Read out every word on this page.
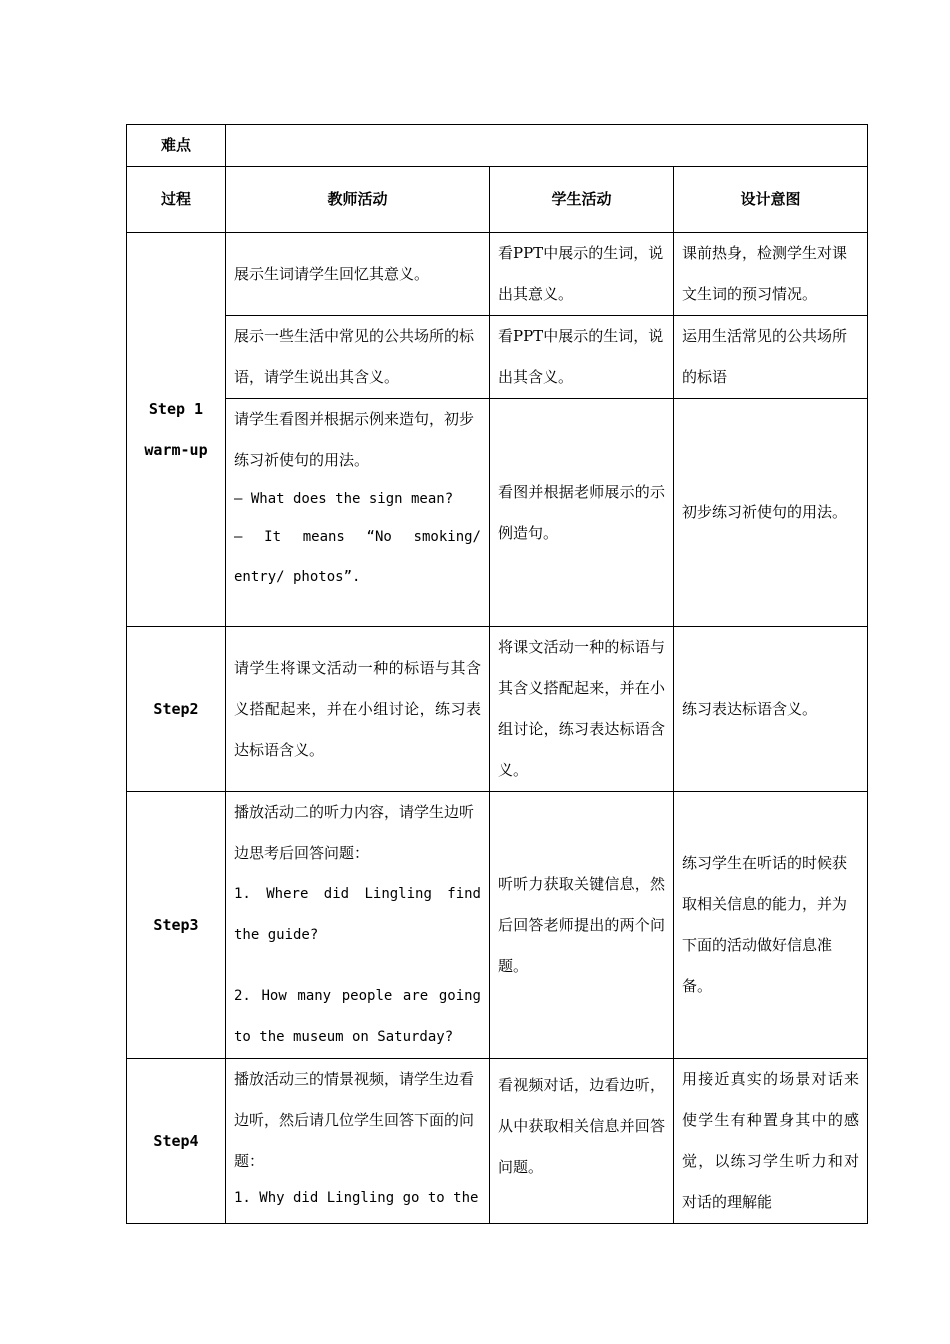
难点			
过程	教师活动	学生活动	设计意图

Step 1
warm-up	展示生词请学生回忆其意义。	看PPT中展示的生词，说出其意义。	课前热身，检测学生对课文生词的预习情况。
	展示一些生活中常见的公共场所的标语，请学生说出其含义。	看PPT中展示的生词，说出其含义。	运用生活常见的公共场所的标语

	请学生看图并根据示例来造句，初步练习祈使句的用法。
— What does the sign mean?
— It means “No smoking/ entry/ photos”.	看图并根据老师展示的示例造句。	初步练习祈使句的用法。
Step2	请学生将课文活动一种的标语与其含义搭配起来，并在小组讨论，练习表达标语含义。	将课文活动一种的标语与其含义搭配起来，并在小组讨论，练习表达标语含义。	练习表达标语含义。
Step3	播放活动二的听力内容，请学生边听边思考后回答问题：
1. Where did Lingling find the guide?
2. How many people are going to the museum on Saturday?	听听力获取关键信息，然后回答老师提出的两个问题。	练习学生在听话的时候获取相关信息的能力，并为下面的活动做好信息准备。
Step4	播放活动三的情景视频，请学生边看边听，然后请几位学生回答下面的问题：
1. Why did Lingling go to the	看视频对话，边看边听，从中获取相关信息并回答问题。	用接近真实的场景对话来使学生有种置身其中的感觉，以练习学生听力和对对话的理解能
